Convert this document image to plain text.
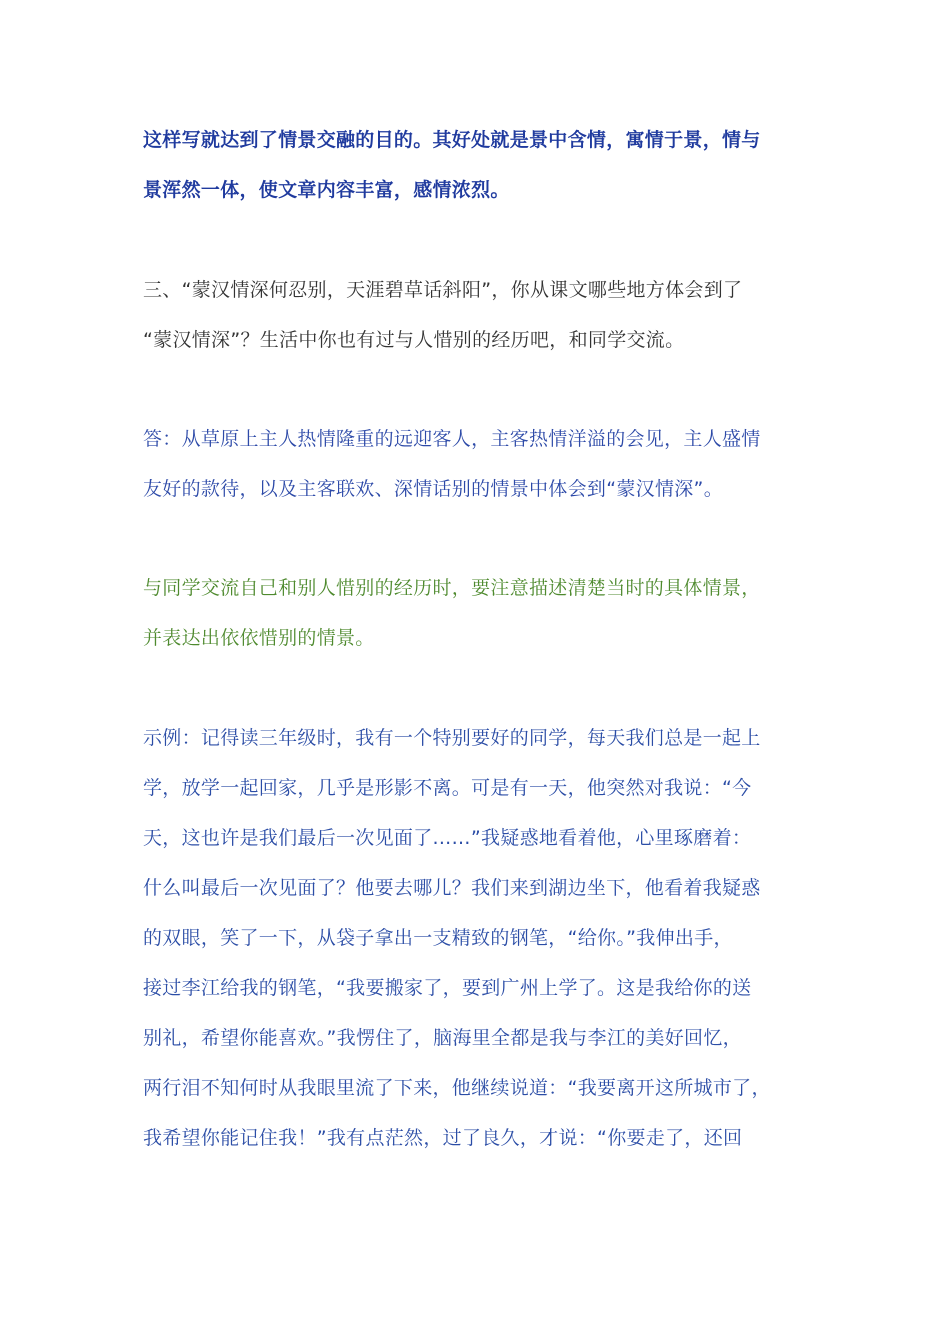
这样写就达到了情景交融的目的。其好处就是景中含情，寓情于景，情与
景浑然一体，使文章内容丰富，感情浓烈。
三、“蒙汉情深何忍别，天涯碧草话斜阳”，你从课文哪些地方体会到了
“蒙汉情深”？生活中你也有过与人惜别的经历吧，和同学交流。
答：从草原上主人热情隆重的远迎客人，主客热情洋溢的会见，主人盛情
友好的款待，以及主客联欢、深情话别的情景中体会到“蒙汉情深”。
与同学交流自己和别人惜别的经历时，要注意描述清楚当时的具体情景，
并表达出依依惜别的情景。
示例：记得读三年级时，我有一个特别要好的同学，每天我们总是一起上
学，放学一起回家，几乎是形影不离。可是有一天，他突然对我说：“今
天，这也许是我们最后一次见面了...…”我疑惑地看着他，心里琢磨着：
什么叫最后一次见面了？他要去哪儿？我们来到湖边坐下，他看着我疑惑
的双眼，笑了一下，从袋子拿出一支精致的钢笔，“给你。”我伸出手，
接过李江给我的钢笔，“我要搬家了，要到广州上学了。这是我给你的送
别礼，希望你能喜欢。”我愣住了，脑海里全都是我与李江的美好回忆，
两行泪不知何时从我眼里流了下来，他继续说道：“我要离开这所城市了，
我希望你能记住我！”我有点茫然，过了良久，才说：“你要走了，还回
